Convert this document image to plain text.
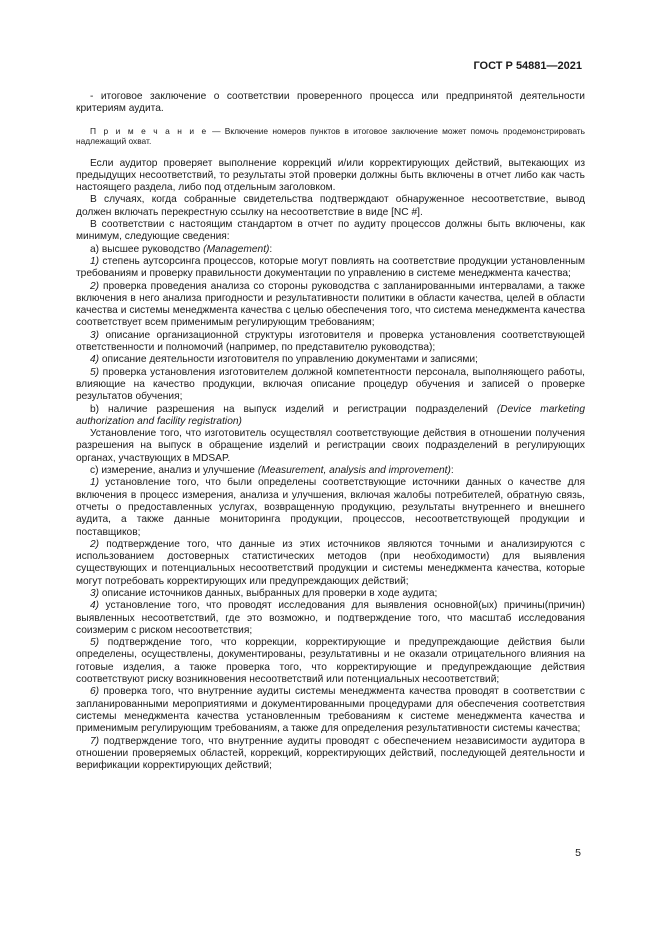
ГОСТ Р 54881—2021

- итоговое заключение о соответствии проверенного процесса или предпринятой деятельности критериям аудита.

П р и м е ч а н и е — Включение номеров пунктов в итоговое заключение может помочь продемонстрировать надлежащий охват.

Если аудитор проверяет выполнение коррекций и/или корректирующих действий, вытекающих из предыдущих несоответствий, то результаты этой проверки должны быть включены в отчет либо как часть настоящего раздела, либо под отдельным заголовком.

В случаях, когда собранные свидетельства подтверждают обнаруженное несоответствие, вывод должен включать перекрестную ссылку на несоответствие в виде [NC #].

В соответствии с настоящим стандартом в отчет по аудиту процессов должны быть включены, как минимум, следующие сведения:

а) высшее руководство (Management):

1) степень аутсорсинга процессов, которые могут повлиять на соответствие продукции установленным требованиям и проверку правильности документации по управлению в системе менеджмента качества;

2) проверка проведения анализа со стороны руководства с запланированными интервалами, а также включения в него анализа пригодности и результативности политики в области качества, целей в области качества и системы менеджмента качества с целью обеспечения того, что система менеджмента качества соответствует всем применимым регулирующим требованиям;

3) описание организационной структуры изготовителя и проверка установления соответствующей ответственности и полномочий (например, по представителю руководства);

4) описание деятельности изготовителя по управлению документами и записями;

5) проверка установления изготовителем должной компетентности персонала, выполняющего работы, влияющие на качество продукции, включая описание процедур обучения и записей о проверке результатов обучения;

b) наличие разрешения на выпуск изделий и регистрации подразделений (Device marketing authorization and facility registration)

Установление того, что изготовитель осуществлял соответствующие действия в отношении получения разрешения на выпуск в обращение изделий и регистрации своих подразделений в регулирующих органах, участвующих в MDSAP.

с) измерение, анализ и улучшение (Measurement, analysis and improvement):

1) установление того, что были определены соответствующие источники данных о качестве для включения в процесс измерения, анализа и улучшения, включая жалобы потребителей, обратную связь, отчеты о предоставленных услугах, возвращенную продукцию, результаты внутреннего и внешнего аудита, а также данные мониторинга продукции, процессов, несоответствующей продукции и поставщиков;

2) подтверждение того, что данные из этих источников являются точными и анализируются с использованием достоверных статистических методов (при необходимости) для выявления существующих и потенциальных несоответствий продукции и системы менеджмента качества, которые могут потребовать корректирующих или предупреждающих действий;

3) описание источников данных, выбранных для проверки в ходе аудита;

4) установление того, что проводят исследования для выявления основной(ых) причины(причин) выявленных несоответствий, где это возможно, и подтверждение того, что масштаб исследования соизмерим с риском несоответствия;

5) подтверждение того, что коррекции, корректирующие и предупреждающие действия были определены, осуществлены, документированы, результативны и не оказали отрицательного влияния на готовые изделия, а также проверка того, что корректирующие и предупреждающие действия соответствуют риску возникновения несоответствий или потенциальных несоответствий;

6) проверка того, что внутренние аудиты системы менеджмента качества проводят в соответствии с запланированными мероприятиями и документированными процедурами для обеспечения соответствия системы менеджмента качества установленным требованиям к системе менеджмента качества и применимым регулирующим требованиям, а также для определения результативности системы качества;

7) подтверждение того, что внутренние аудиты проводят с обеспечением независимости аудитора в отношении проверяемых областей, коррекций, корректирующих действий, последующей деятельности и верификации корректирующих действий;

5
